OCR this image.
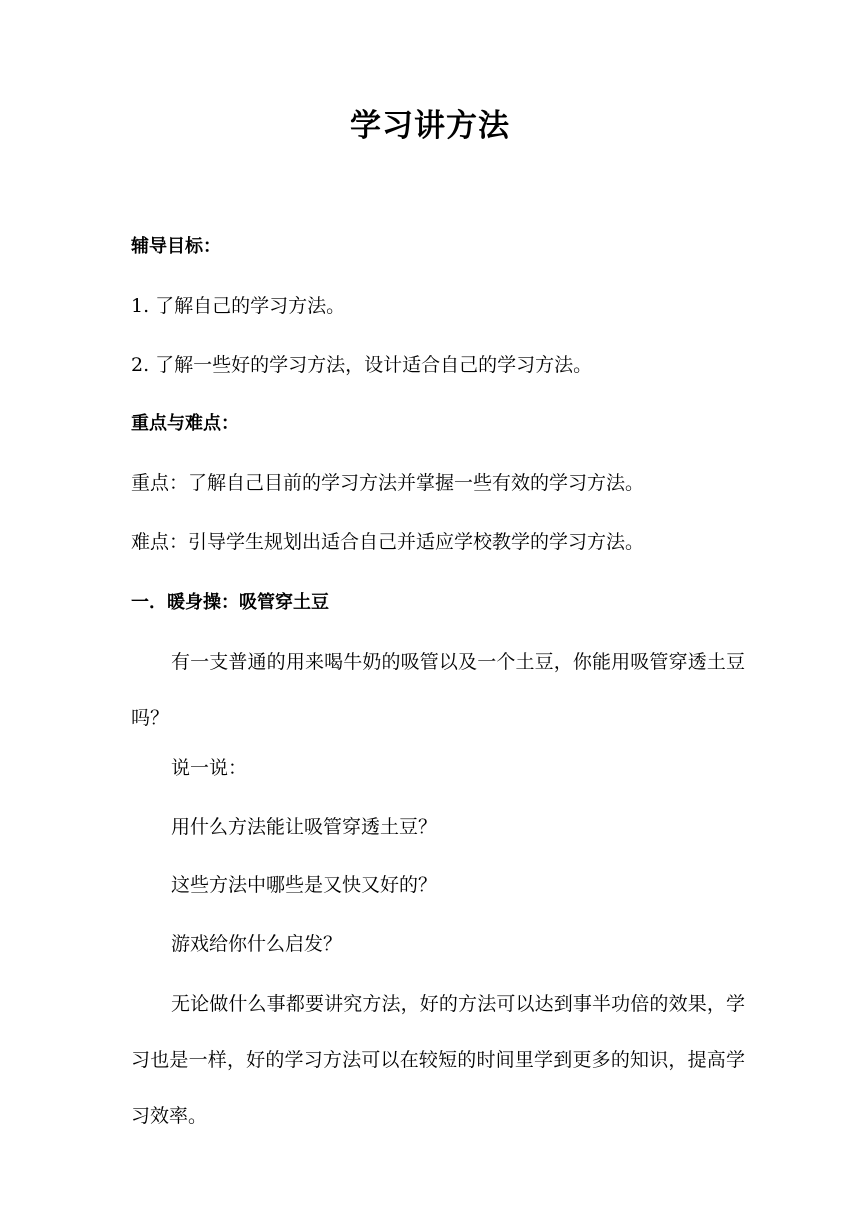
学习讲方法
辅导目标：
1. 了解自己的学习方法。
2. 了解一些好的学习方法，设计适合自己的学习方法。
重点与难点：
重点：了解自己目前的学习方法并掌握一些有效的学习方法。
难点：引导学生规划出适合自己并适应学校教学的学习方法。
一．暖身操：吸管穿土豆
有一支普通的用来喝牛奶的吸管以及一个土豆，你能用吸管穿透土豆吗？
说一说：
用什么方法能让吸管穿透土豆？
这些方法中哪些是又快又好的？
游戏给你什么启发？
无论做什么事都要讲究方法，好的方法可以达到事半功倍的效果，学习也是一样，好的学习方法可以在较短的时间里学到更多的知识，提高学习效率。
